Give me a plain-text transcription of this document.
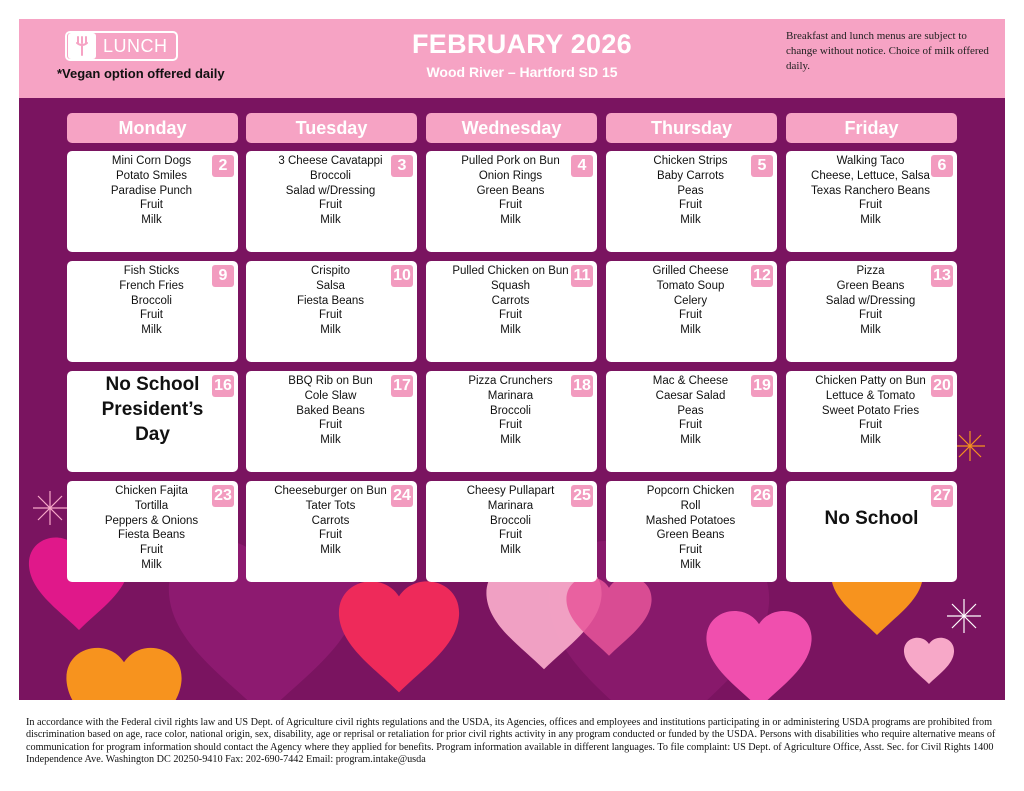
LUNCH
*Vegan option offered daily
FEBRUARY 2026
Wood River – Hartford SD 15
Breakfast and lunch menus are subject to change without notice. Choice of milk offered daily.
Monday	Tuesday	Wednesday	Thursday	Friday
2
Mini Corn Dogs
Potato Smiles
Paradise Punch
Fruit
Milk
3
3 Cheese Cavatappi
Broccoli
Salad w/Dressing
Fruit
Milk
4
Pulled Pork on Bun
Onion Rings
Green Beans
Fruit
Milk
5
Chicken Strips
Baby Carrots
Peas
Fruit
Milk
6
Walking Taco
Cheese, Lettuce, Salsa
Texas Ranchero Beans
Fruit
Milk
9
Fish Sticks
French Fries
Broccoli
Fruit
Milk
10
Crispito
Salsa
Fiesta Beans
Fruit
Milk
11
Pulled Chicken on Bun
Squash
Carrots
Fruit
Milk
12
Grilled Cheese
Tomato Soup
Celery
Fruit
Milk
13
Pizza
Green Beans
Salad w/Dressing
Fruit
Milk
16
No School
President’s
Day
17
BBQ Rib on Bun
Cole Slaw
Baked Beans
Fruit
Milk
18
Pizza Crunchers
Marinara
Broccoli
Fruit
Milk
19
Mac & Cheese
Caesar Salad
Peas
Fruit
Milk
20
Chicken Patty on Bun
Lettuce & Tomato
Sweet Potato Fries
Fruit
Milk
23
Chicken Fajita
Tortilla
Peppers & Onions
Fiesta Beans
Fruit
Milk
24
Cheeseburger on Bun
Tater Tots
Carrots
Fruit
Milk
25
Cheesy Pullapart
Marinara
Broccoli
Fruit
Milk
26
Popcorn Chicken
Roll
Mashed Potatoes
Green Beans
Fruit
Milk
27
No School
In accordance with the Federal civil rights law and US Dept. of Agriculture civil rights regulations and the USDA, its Agencies, offices and employees and institutions participating in or administering USDA programs are prohibited from discrimination based on age, race color, national origin, sex, disability, age or reprisal or retaliation for prior civil rights activity in any program conducted or funded by the USDA. Persons with disabilities who require alternative means of communication for program information should contact the Agency where they applied for benefits. Program information available in different languages. To file complaint: US Dept. of Agriculture Office, Asst. Sec. for Civil Rights 1400 Independence Ave. Washington DC 20250-9410 Fax: 202-690-7442 Email: program.intake@usda
